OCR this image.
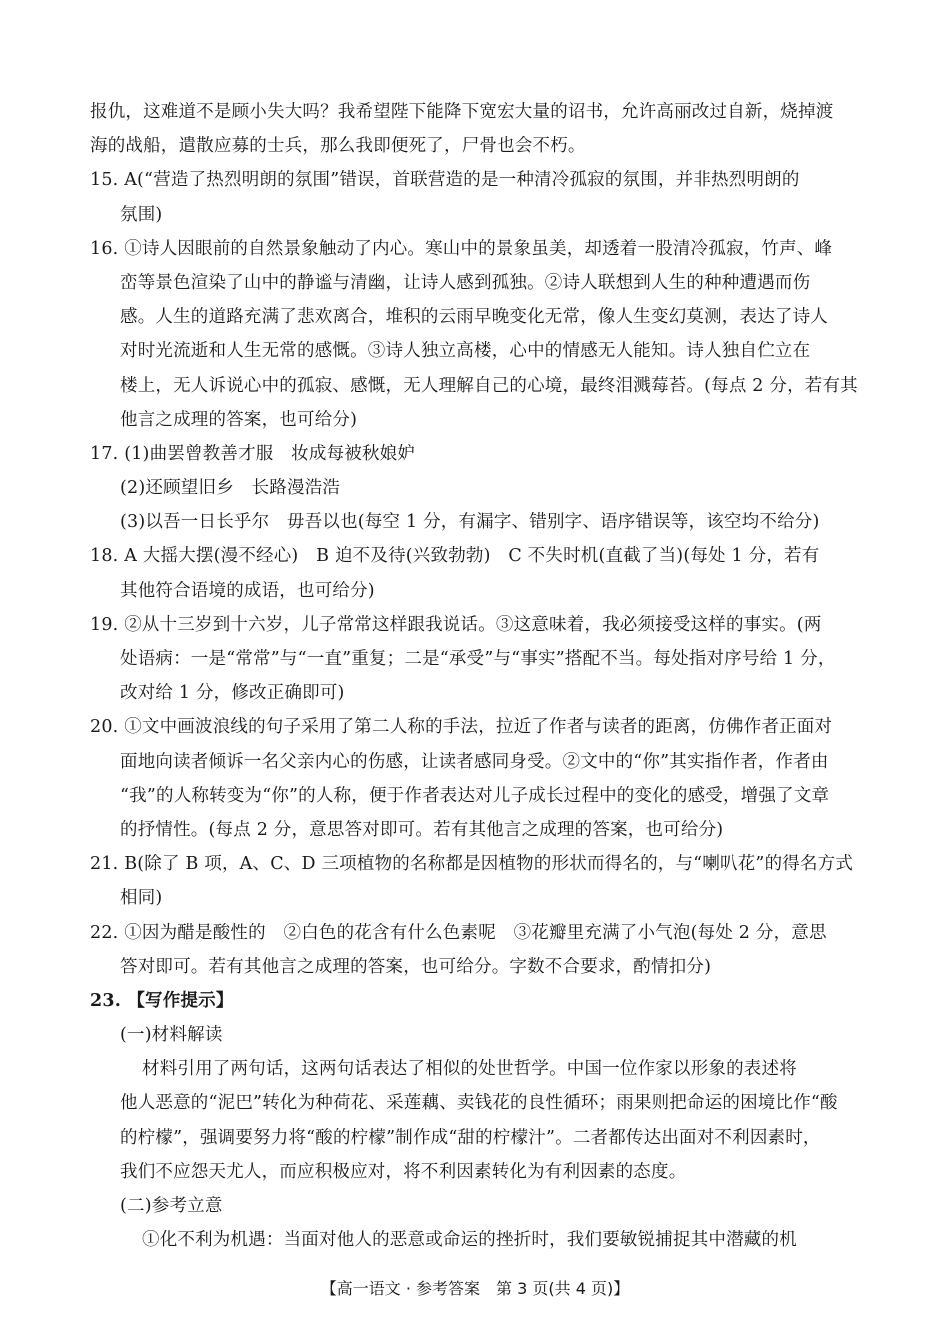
报仇，这难道不是顾小失大吗？我希望陛下能降下宽宏大量的诏书，允许高丽改过自新，烧掉渡
海的战船，遣散应募的士兵，那么我即便死了，尸骨也会不朽。
15. A(“营造了热烈明朗的氛围”错误，首联营造的是一种清冷孤寂的氛围，并非热烈明朗的
氛围)
16. ①诗人因眼前的自然景象触动了内心。寒山中的景象虽美，却透着一股清冷孤寂，竹声、峰
峦等景色渲染了山中的静谧与清幽，让诗人感到孤独。②诗人联想到人生的种种遭遇而伤
感。人生的道路充满了悲欢离合，堆积的云雨早晚变化无常，像人生变幻莫测，表达了诗人
对时光流逝和人生无常的感慨。③诗人独立高楼，心中的情感无人能知。诗人独自伫立在
楼上，无人诉说心中的孤寂、感慨，无人理解自己的心境，最终泪溅莓苔。(每点 2 分，若有其
他言之成理的答案，也可给分)
17. (1)曲罢曾教善才服　妆成每被秋娘妒
(2)还顾望旧乡　长路漫浩浩
(3)以吾一日长乎尔　毋吾以也(每空 1 分，有漏字、错别字、语序错误等，该空均不给分)
18. A 大摇大摆(漫不经心)　B 迫不及待(兴致勃勃)　C 不失时机(直截了当)(每处 1 分，若有
其他符合语境的成语，也可给分)
19. ②从十三岁到十六岁，儿子常常这样跟我说话。③这意味着，我必须接受这样的事实。(两
处语病：一是“常常”与“一直”重复；二是“承受”与“事实”搭配不当。每处指对序号给 1 分，
改对给 1 分，修改正确即可)
20. ①文中画波浪线的句子采用了第二人称的手法，拉近了作者与读者的距离，仿佛作者正面对
面地向读者倾诉一名父亲内心的伤感，让读者感同身受。②文中的“你”其实指作者，作者由
“我”的人称转变为“你”的人称，便于作者表达对儿子成长过程中的变化的感受，增强了文章
的抒情性。(每点 2 分，意思答对即可。若有其他言之成理的答案，也可给分)
21. B(除了 B 项，A、C、D 三项植物的名称都是因植物的形状而得名的，与“喇叭花”的得名方式
相同)
22. ①因为醋是酸性的　②白色的花含有什么色素呢　③花瓣里充满了小气泡(每处 2 分，意思
答对即可。若有其他言之成理的答案，也可给分。字数不合要求，酌情扣分)
23. 【写作提示】
(一)材料解读
材料引用了两句话，这两句话表达了相似的处世哲学。中国一位作家以形象的表述将
他人恶意的“泥巴”转化为种荷花、采莲藕、卖钱花的良性循环；雨果则把命运的困境比作“酸
的柠檬”，强调要努力将“酸的柠檬”制作成“甜的柠檬汁”。二者都传达出面对不利因素时，
我们不应怨天尤人，而应积极应对，将不利因素转化为有利因素的态度。
(二)参考立意
①化不利为机遇：当面对他人的恶意或命运的挫折时，我们要敏锐捕捉其中潜藏的机
【高一语文 · 参考答案　第 3 页(共 4 页)】
